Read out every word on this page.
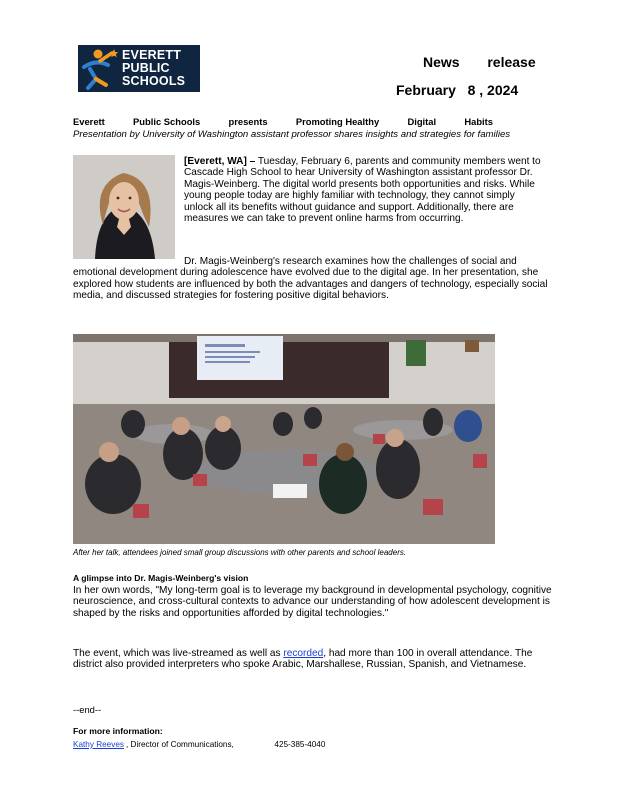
EVERETT
PUBLIC
SCHOOLS
News release
February   8 , 2024
Everett	Public Schools	presents	Promoting Healthy	Digital	Habits
Presentation by University of Washington assistant professor shares insights and strategies for families
[Everett, WA] – Tuesday, February 6, parents and community members went to Cascade High School to hear University of Washington assistant professor Dr. Magis-Weinberg. The digital world presents both opportunities and risks. While young people today are highly familiar with technology, they cannot simply unlock all its benefits without guidance and support. Additionally, there are measures we can take to prevent online harms from occurring.
Dr. Magis-Weinberg's research examines how the challenges of social and emotional development during adolescence have evolved due to the digital age. In her presentation, she explored how students are influenced by both the advantages and dangers of technology, especially social media, and discussed strategies for fostering positive digital behaviors.
After her talk, attendees joined small group discussions with other parents and school leaders.
A glimpse into Dr. Magis-Weinberg's vision
In her own words, "My long-term goal is to leverage my background in developmental psychology, cognitive neuroscience, and cross-cultural contexts to advance our understanding of how adolescent development is shaped by the risks and opportunities afforded by digital technologies."
The event, which was live-streamed as well as recorded, had more than 100 in overall attendance. The district also provided interpreters who spoke Arabic, Marshallese, Russian, Spanish, and Vietnamese.
--end--
For more information:
Kathy Reeves , Director of Communications,	425-385-4040
